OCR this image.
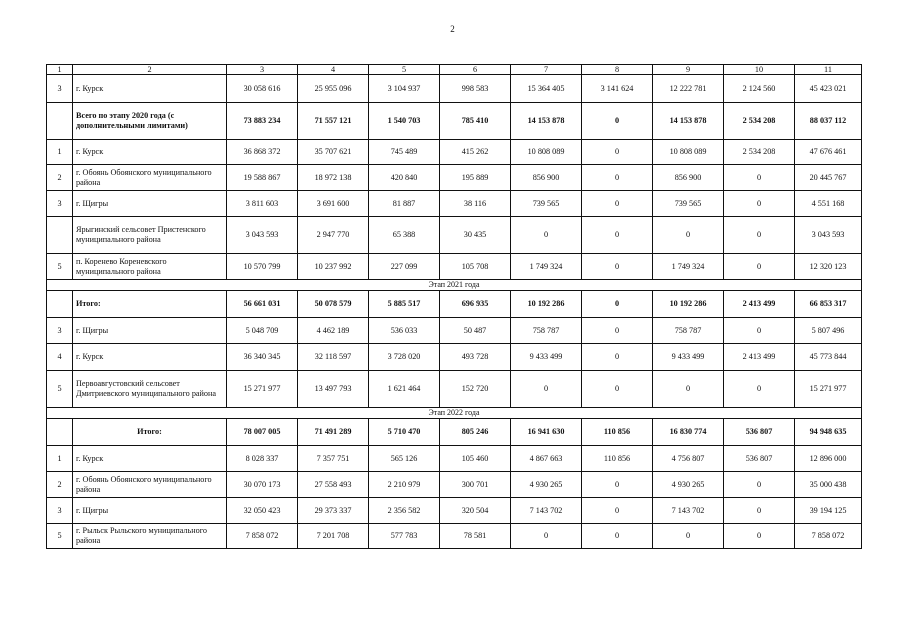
2
1	2	3	4	5	6	7	8	9	10	11
3	г. Курск	30 058 616	25 955 096	3 104 937	998 583	15 364 405	3 141 624	12 222 781	2 124 560	45 423 021
	Всего по этапу 2020 года (с дополнительными лимитами)	73 883 234	71 557 121	1 540 703	785 410	14 153 878	0	14 153 878	2 534 208	88 037 112
1	г. Курск	36 868 372	35 707 621	745 489	415 262	10 808 089	0	10 808 089	2 534 208	47 676 461
2	г. Обоянь Обоянского муниципального района	19 588 867	18 972 138	420 840	195 889	856 900	0	856 900	0	20 445 767
3	г. Щигры	3 811 603	3 691 600	81 887	38 116	739 565	0	739 565	0	4 551 168
	Ярыгинский сельсовет Пристенского муниципального района	3 043 593	2 947 770	65 388	30 435	0	0	0	0	3 043 593
5	п. Коренево Кореневского муниципального района	10 570 799	10 237 992	227 099	105 708	1 749 324	0	1 749 324	0	12 320 123
Этап 2021 года										
	Итого:	56 661 031	50 078 579	5 885 517	696 935	10 192 286	0	10 192 286	2 413 499	66 853 317
3	г. Щигры	5 048 709	4 462 189	536 033	50 487	758 787	0	758 787	0	5 807 496
4	г. Курск	36 340 345	32 118 597	3 728 020	493 728	9 433 499	0	9 433 499	2 413 499	45 773 844
5	Первоавгустовский сельсовет Дмитриевского муниципального района	15 271 977	13 497 793	1 621 464	152 720	0	0	0	0	15 271 977
Этап 2022 года										
	Итого:	78 007 005	71 491 289	5 710 470	805 246	16 941 630	110 856	16 830 774	536 807	94 948 635
1	г. Курск	8 028 337	7 357 751	565 126	105 460	4 867 663	110 856	4 756 807	536 807	12 896 000
2	г. Обоянь Обоянского муниципального района	30 070 173	27 558 493	2 210 979	300 701	4 930 265	0	4 930 265	0	35 000 438
3	г. Щигры	32 050 423	29 373 337	2 356 582	320 504	7 143 702	0	7 143 702	0	39 194 125
5	г. Рыльск Рыльского муниципального района	7 858 072	7 201 708	577 783	78 581	0	0	0	0	7 858 072
